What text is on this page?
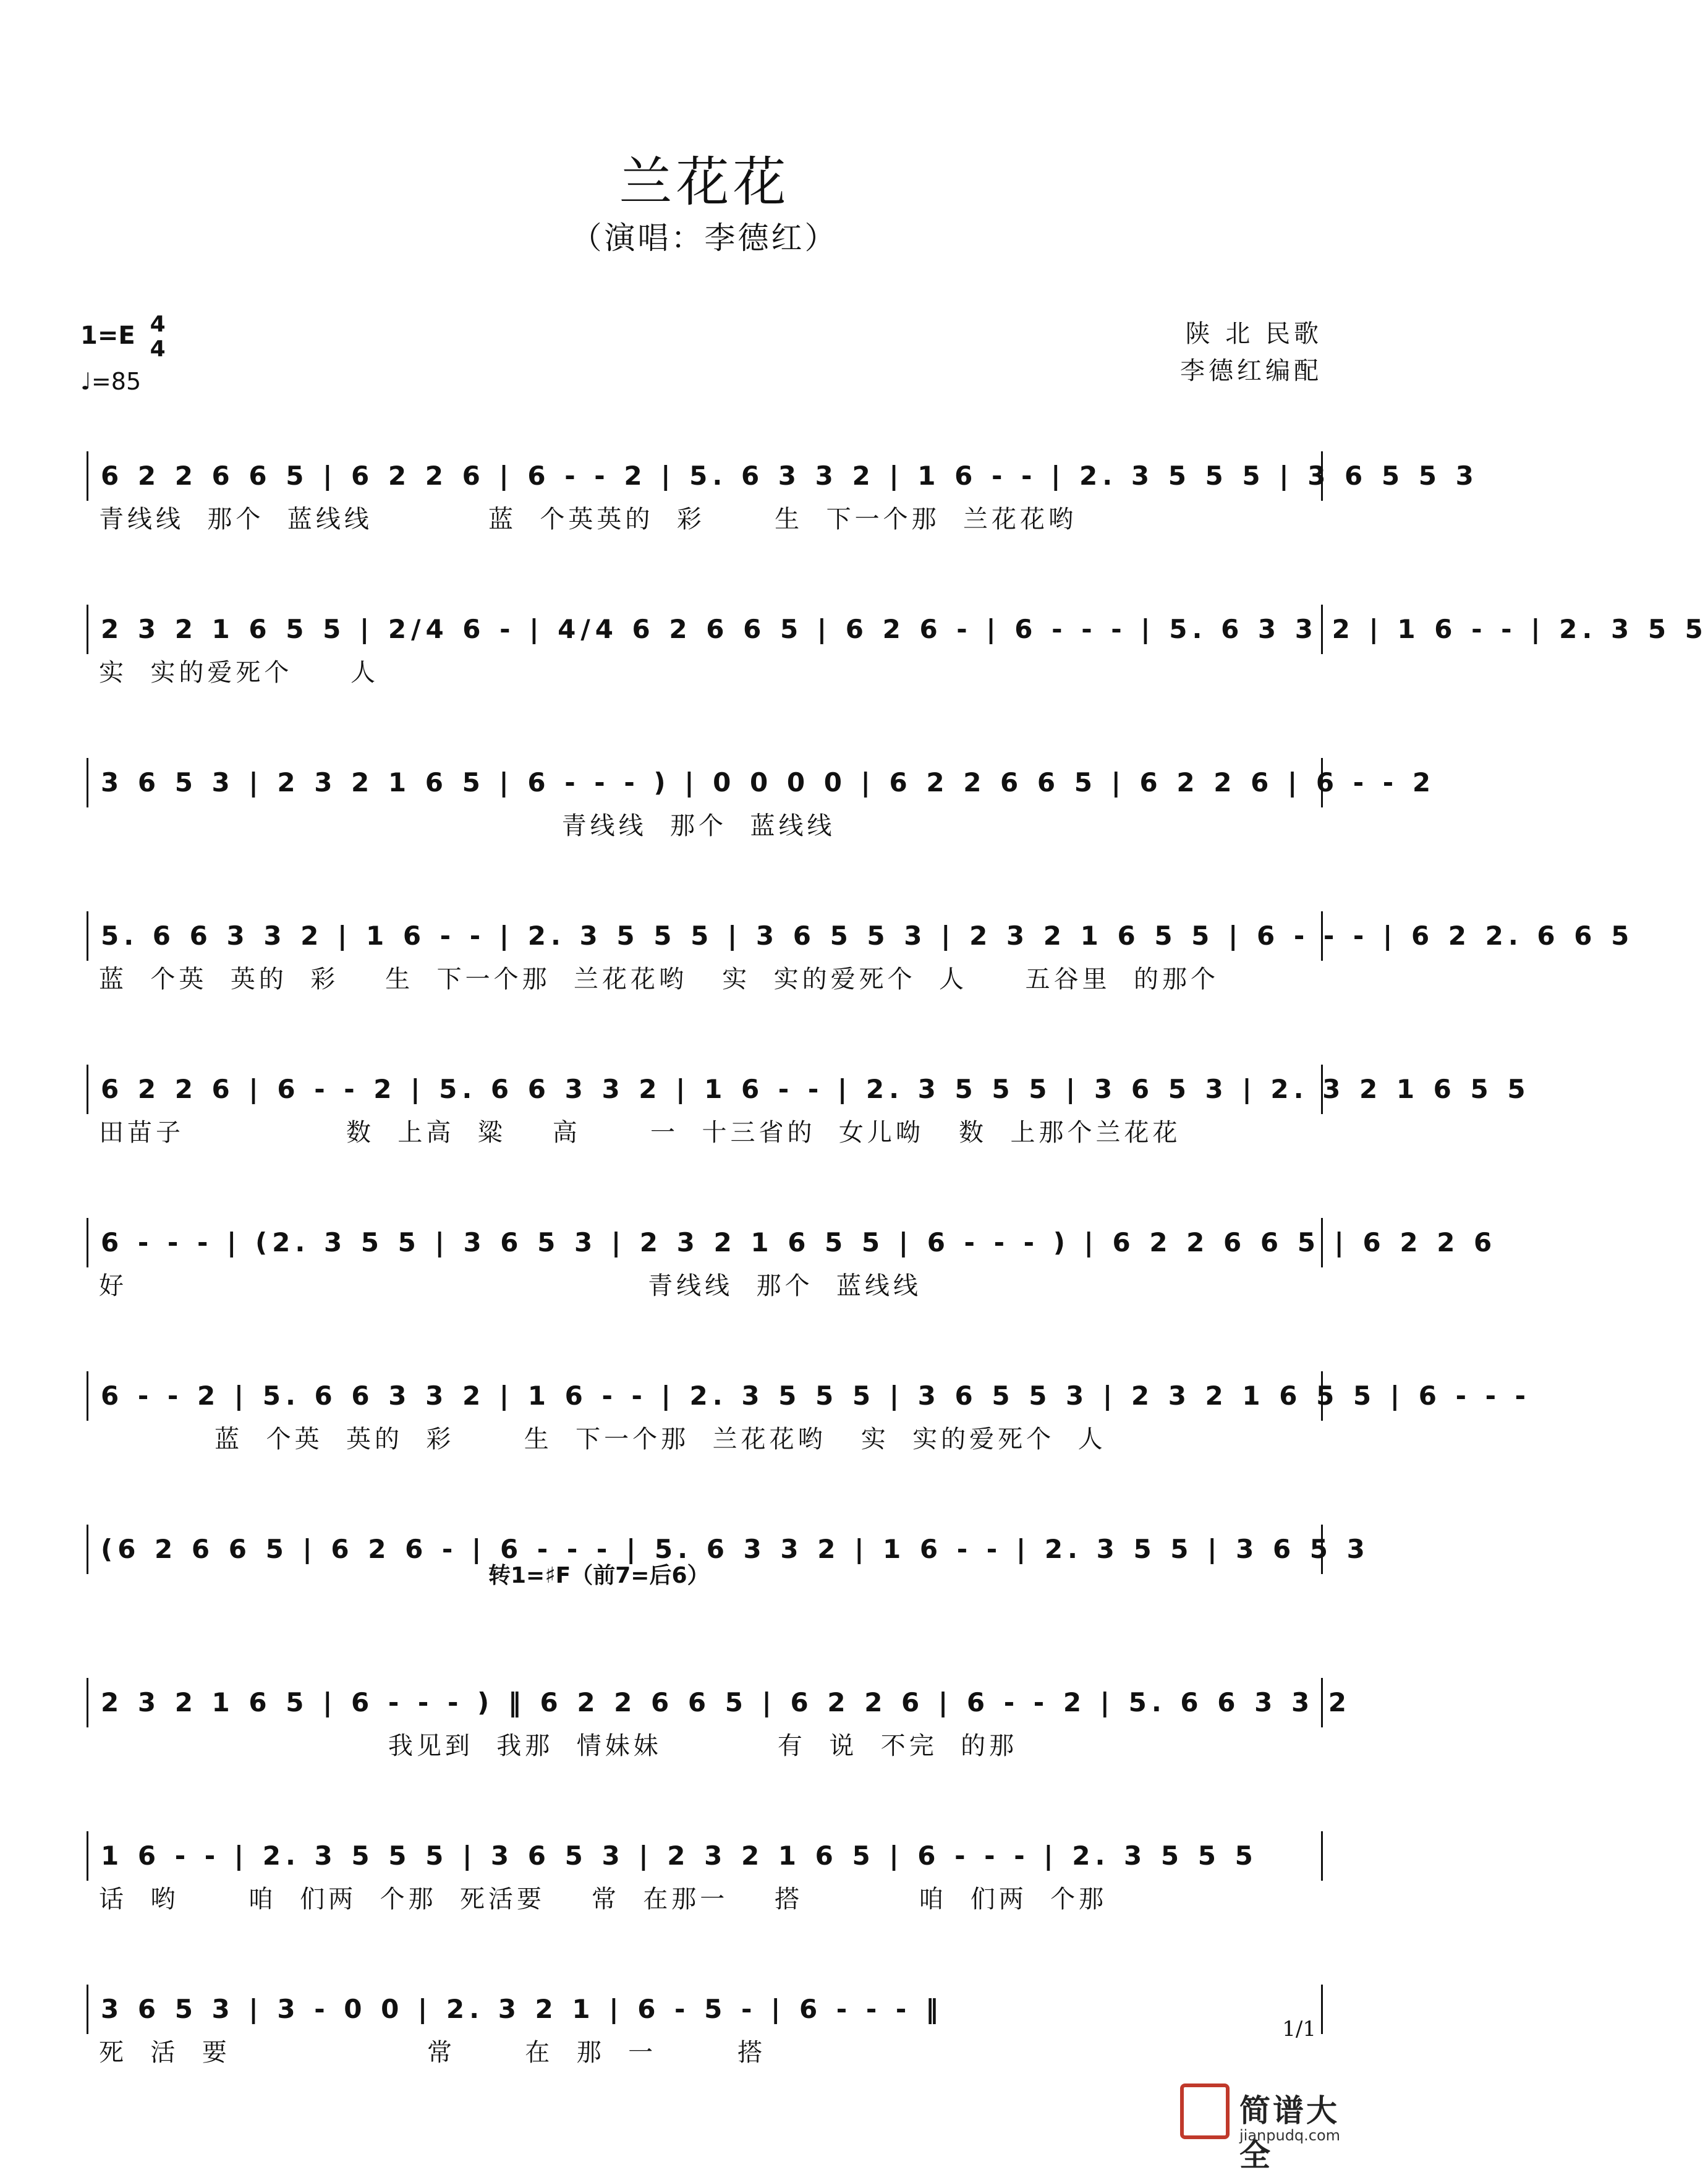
兰花花
（演唱：李德红）
1=E 4
4
♩=85
陕 北 民歌
李德红编配
6 2 2 6 6 5 | 6 2 2 6 | 6 - - 2 | 5. 6 3 3 2 | 1 6 - - | 2. 3 5 5 5 | 3 6 5 5 3
青线线  那个  蓝线线          蓝  个英英的  彩      生  下一个那  兰花花哟
2 3 2 1 6 5 5 | 2/4 6 - | 4/4 6 2 6 6 5 | 6 2 6 - | 6 - - - | 5. 6 3 3 2 | 1 6 - - | 2. 3 5 5
实  实的爱死个     人
3 6 5 3 | 2 3 2 1 6 5 | 6 - - - ) | 0 0 0 0 | 6 2 2 6 6 5 | 6 2 2 6 | 6 - - 2
青线线  那个  蓝线线
5. 6 6 3 3 2 | 1 6 - - | 2. 3 5 5 5 | 3 6 5 5 3 | 2 3 2 1 6 5 5 | 6 - - - | 6 2 2. 6 6 5
蓝  个英  英的  彩    生  下一个那  兰花花哟   实  实的爱死个  人     五谷里  的那个
6 2 2 6 | 6 - - 2 | 5. 6 6 3 3 2 | 1 6 - - | 2. 3 5 5 5 | 3 6 5 3 | 2. 3 2 1 6 5 5
田苗子              数  上高  粱    高      一  十三省的  女儿呦   数  上那个兰花花
6 - - - | (2. 3 5 5 | 3 6 5 3 | 2 3 2 1 6 5 5 | 6 - - - ) | 6 2 2 6 6 5 | 6 2 2 6
好                                             青线线  那个  蓝线线
6 - - 2 | 5. 6 6 3 3 2 | 1 6 - - | 2. 3 5 5 5 | 3 6 5 5 3 | 2 3 2 1 6 5 5 | 6 - - -
蓝  个英  英的  彩      生  下一个那  兰花花哟   实  实的爱死个  人
(6 2 6 6 5 | 6 2 6 - | 6 - - - | 5. 6 3 3 2 | 1 6 - - | 2. 3 5 5 | 3 6 5 3
2 3 2 1 6 5 | 6 - - - ) ‖ 6 2 2 6 6 5 | 6 2 2 6 | 6 - - 2 | 5. 6 6 3 3 2
我见到  我那  情妹妹          有  说  不完  的那
1 6 - - | 2. 3 5 5 5 | 3 6 5 3 | 2 3 2 1 6 5 | 6 - - - | 2. 3 5 5 5
话  哟      咱  们两  个那  死活要    常  在那一    搭          咱  们两  个那
3 6 5 3 | 3 - 0 0 | 2. 3 2 1 | 6 - 5 - | 6 - - - ‖
死  活  要                 常      在  那  一       搭
转1=♯F（前7=后6）
1/1
简谱大全
jianpudq.com
